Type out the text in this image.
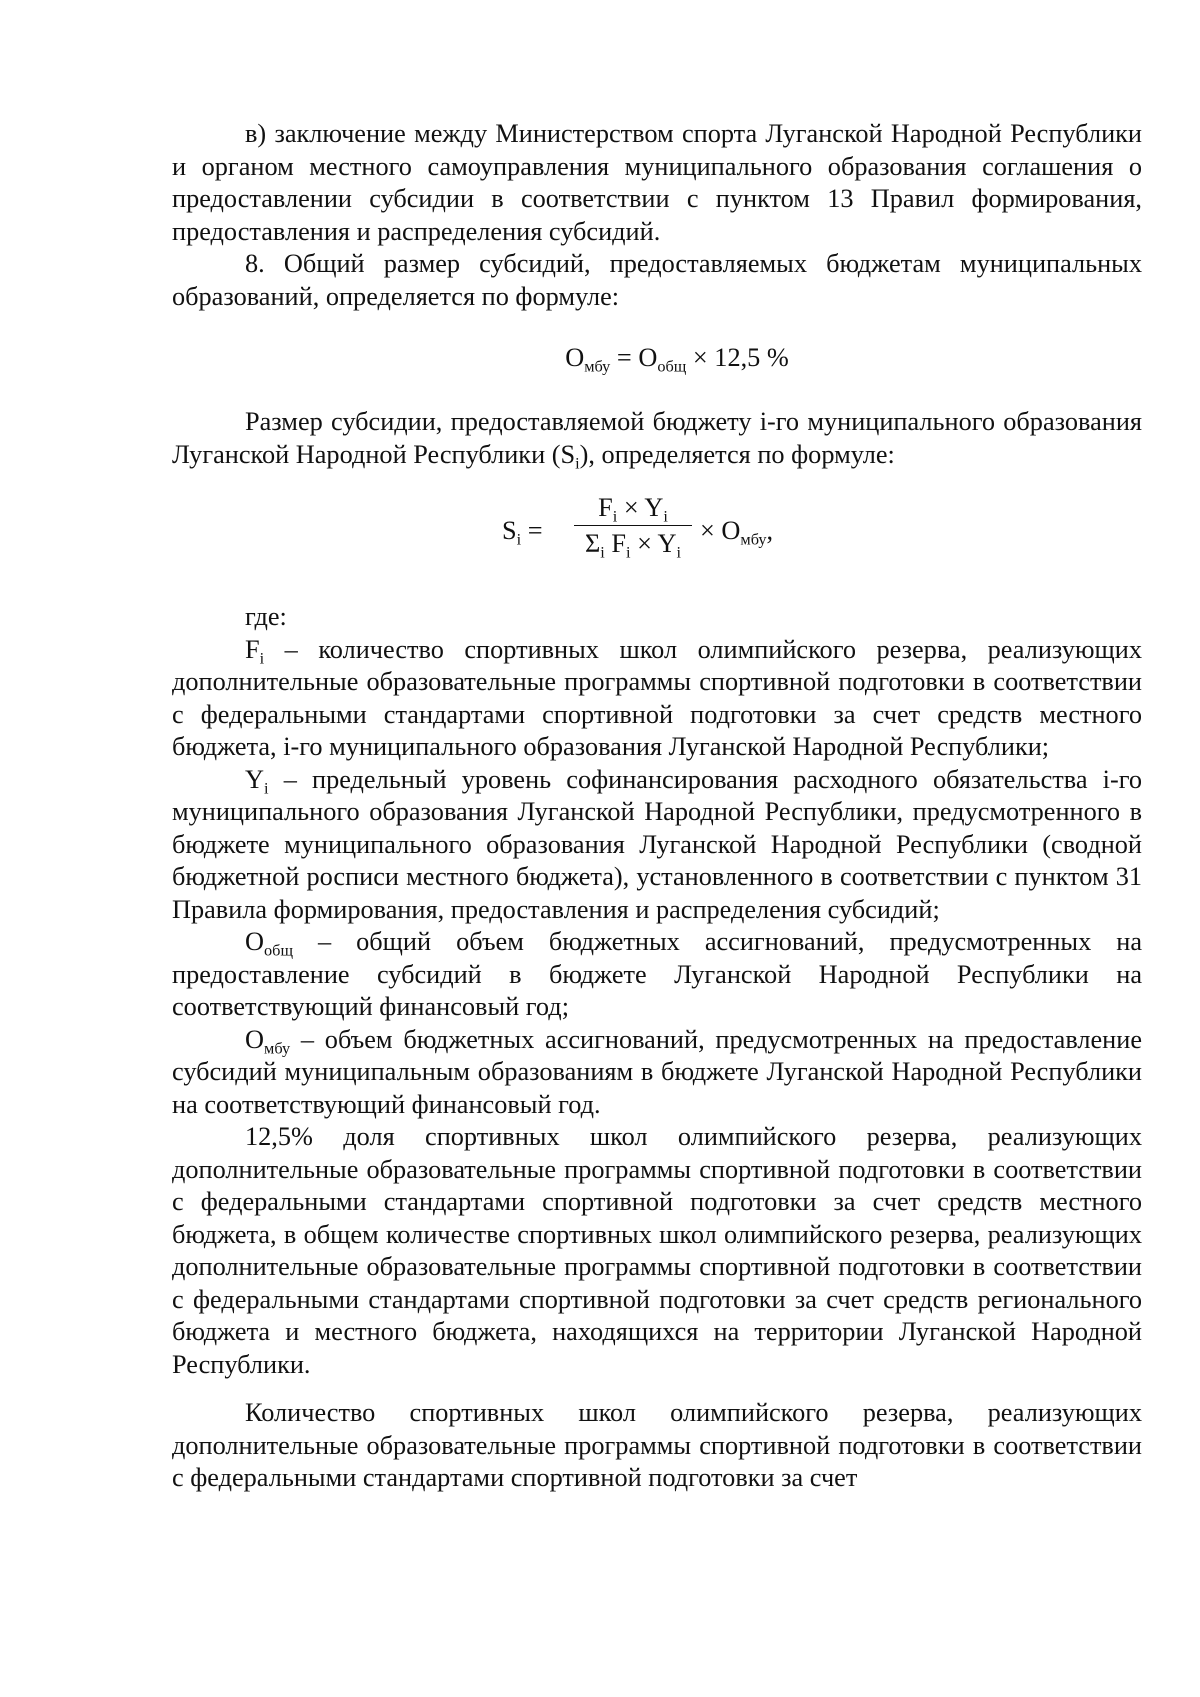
в) заключение между Министерством спорта Луганской Народной Республики и органом местного самоуправления муниципального образования соглашения о предоставлении субсидии в соответствии с пунктом 13 Правил формирования, предоставления и распределения субсидий.

8. Общий размер субсидий, предоставляемых бюджетам муниципальных образований, определяется по формуле:

$О_{мбу} = О_{общ} \times 12,5$ %

Размер субсидии, предоставляемой бюджету i-го муниципального образования Луганской Народной Республики $(S_i)$, определяется по формуле:

$S_i$ =
$F_i \times Y_i$
$\Sigma_i$ $F_i \times Y_i$
× $О_{мбу}$,

где:

$F_i$ – количество спортивных школ олимпийского резерва, реализующих дополнительные образовательные программы спортивной подготовки в соответствии с федеральными стандартами спортивной подготовки за счет средств местного бюджета, i-го муниципального образования Луганской Народной Республики;

$Y_i$ – предельный уровень софинансирования расходного обязательства i-го муниципального образования Луганской Народной Республики, предусмотренного в бюджете муниципального образования Луганской Народной Республики (сводной бюджетной росписи местного бюджета), установленного в соответствии с пунктом 31 Правила формирования, предоставления и распределения субсидий;

$О_{общ}$ – общий объем бюджетных ассигнований, предусмотренных на предоставление субсидий в бюджете Луганской Народной Республики на соответствующий финансовый год;

$О_{мбу}$ – объем бюджетных ассигнований, предусмотренных на предоставление субсидий муниципальным образованиям в бюджете Луганской Народной Республики на соответствующий финансовый год.

12,5% доля спортивных школ олимпийского резерва, реализующих дополнительные образовательные программы спортивной подготовки в соответствии с федеральными стандартами спортивной подготовки за счет средств местного бюджета, в общем количестве спортивных школ олимпийского резерва, реализующих дополнительные образовательные программы спортивной подготовки в соответствии с федеральными стандартами спортивной подготовки за счет средств регионального бюджета и местного бюджета, находящихся на территории Луганской Народной Республики.

Количество спортивных школ олимпийского резерва, реализующих дополнительные образовательные программы спортивной подготовки в соответствии с федеральными стандартами спортивной подготовки за счет
